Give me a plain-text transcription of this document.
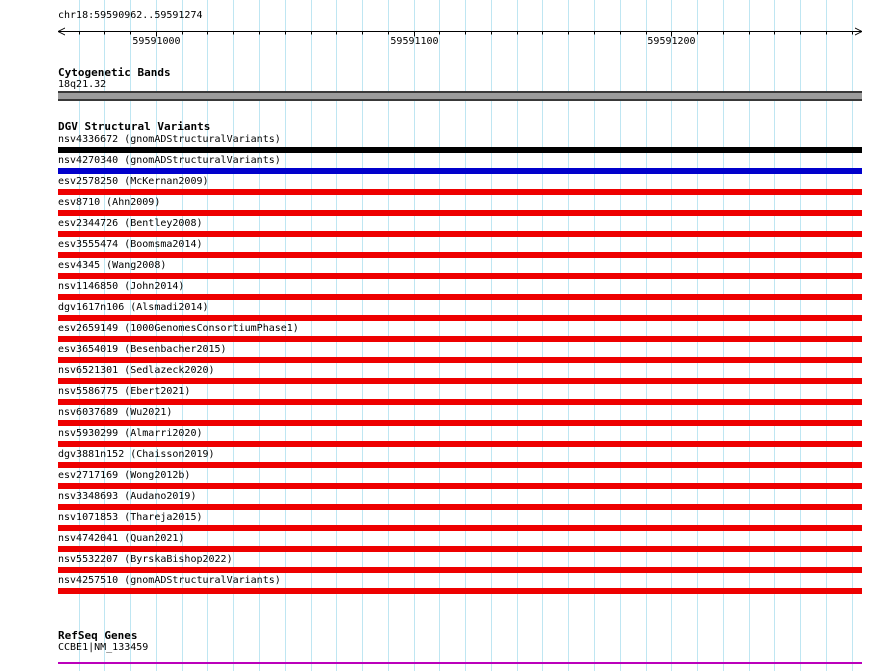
chr18:59590962..59591274
59591000	59591100	59591200
Cytogenetic Bands
18q21.32
DGV Structural Variants
nsv4336672 (gnomADStructuralVariants)
nsv4270340 (gnomADStructuralVariants)
esv2578250 (McKernan2009)
esv8710 (Ahn2009)
esv2344726 (Bentley2008)
esv3555474 (Boomsma2014)
esv4345 (Wang2008)
nsv1146850 (John2014)
dgv1617n106 (Alsmadi2014)
esv2659149 (1000GenomesConsortiumPhase1)
esv3654019 (Besenbacher2015)
nsv6521301 (Sedlazeck2020)
nsv5586775 (Ebert2021)
nsv6037689 (Wu2021)
nsv5930299 (Almarri2020)
dgv3881n152 (Chaisson2019)
esv2717169 (Wong2012b)
nsv3348693 (Audano2019)
nsv1071853 (Thareja2015)
nsv4742041 (Quan2021)
nsv5532207 (ByrskaBishop2022)
nsv4257510 (gnomADStructuralVariants)
RefSeq Genes
CCBE1|NM_133459
